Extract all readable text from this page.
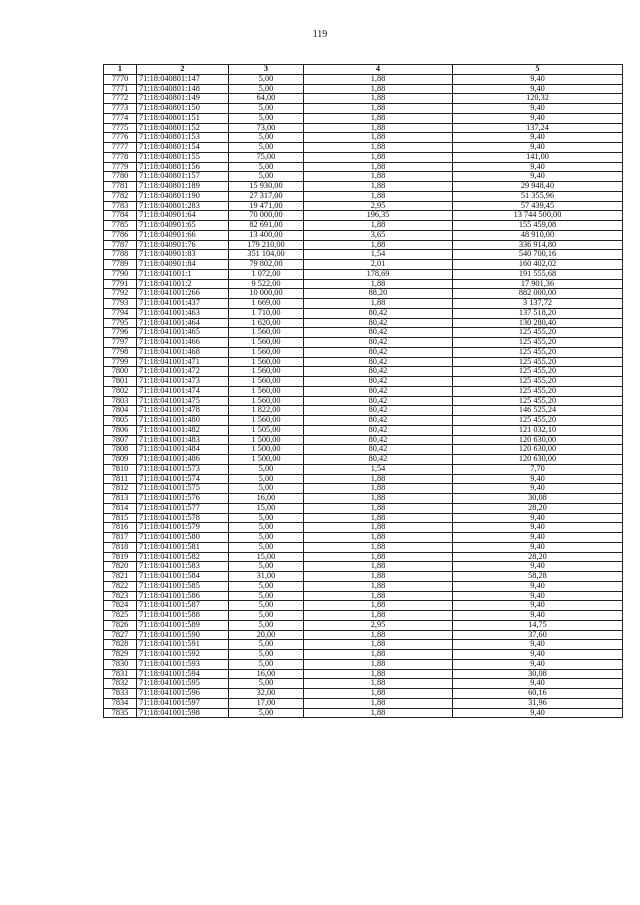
119
1	2	3	4	5
7770	71:18:040801:147	5,00	1,88	9,40
7771	71:18:040801:148	5,00	1,88	9,40
7772	71:18:040801:149	64,00	1,88	120,32
7773	71:18:040801:150	5,00	1,88	9,40
7774	71:18:040801:151	5,00	1,88	9,40
7775	71:18:040801:152	73,00	1,88	137,24
7776	71:18:040801:153	5,00	1,88	9,40
7777	71:18:040801:154	5,00	1,88	9,40
7778	71:18:040801:155	75,00	1,88	141,00
7779	71:18:040801:156	5,00	1,88	9,40
7780	71:18:040801:157	5,00	1,88	9,40
7781	71:18:040801:189	15 930,00	1,88	29 948,40
7782	71:18:040801:190	27 317,00	1,88	51 355,96
7783	71:18:040801:283	19 471,00	2,95	57 439,45
7784	71:18:040901:64	70 000,00	196,35	13 744 500,00
7785	71:18:040901:65	82 691,00	1,88	155 459,08
7786	71:18:040901:66	13 400,00	3,65	48 910,00
7787	71:18:040901:76	179 210,00	1,88	336 914,80
7788	71:18:040901:83	351 104,00	1,54	540 700,16
7789	71:18:040901:84	79 802,00	2,01	160 402,02
7790	71:18:041001:1	1 072,00	178,69	191 555,68
7791	71:18:041001:2	9 522,00	1,88	17 901,36
7792	71:18:041001:266	10 000,00	88,20	882 000,00
7793	71:18:041001:437	1 669,00	1,88	3 137,72
7794	71:18:041001:463	1 710,00	80,42	137 518,20
7795	71:18:041001:464	1 620,00	80,42	130 280,40
7796	71:18:041001:465	1 560,00	80,42	125 455,20
7797	71:18:041001:466	1 560,00	80,42	125 455,20
7798	71:18:041001:468	1 560,00	80,42	125 455,20
7799	71:18:041001:471	1 560,00	80,42	125 455,20
7800	71:18:041001:472	1 560,00	80,42	125 455,20
7801	71:18:041001:473	1 560,00	80,42	125 455,20
7802	71:18:041001:474	1 560,00	80,42	125 455,20
7803	71:18:041001:475	1 560,00	80,42	125 455,20
7804	71:18:041001:478	1 822,00	80,42	146 525,24
7805	71:18:041001:480	1 560,00	80,42	125 455,20
7806	71:18:041001:482	1 505,00	80,42	121 032,10
7807	71:18:041001:483	1 500,00	80,42	120 630,00
7808	71:18:041001:484	1 500,00	80,42	120 630,00
7809	71:18:041001:486	1 500,00	80,42	120 630,00
7810	71:18:041001:573	5,00	1,54	7,70
7811	71:18:041001:574	5,00	1,88	9,40
7812	71:18:041001:575	5,00	1,88	9,40
7813	71:18:041001:576	16,00	1,88	30,08
7814	71:18:041001:577	15,00	1,88	28,20
7815	71:18:041001:578	5,00	1,88	9,40
7816	71:18:041001:579	5,00	1,88	9,40
7817	71:18:041001:580	5,00	1,88	9,40
7818	71:18:041001:581	5,00	1,88	9,40
7819	71:18:041001:582	15,00	1,88	28,20
7820	71:18:041001:583	5,00	1,88	9,40
7821	71:18:041001:584	31,00	1,88	58,28
7822	71:18:041001:585	5,00	1,88	9,40
7823	71:18:041001:586	5,00	1,88	9,40
7824	71:18:041001:587	5,00	1,88	9,40
7825	71:18:041001:588	5,00	1,88	9,40
7826	71:18:041001:589	5,00	2,95	14,75
7827	71:18:041001:590	20,00	1,88	37,60
7828	71:18:041001:591	5,00	1,88	9,40
7829	71:18:041001:592	5,00	1,88	9,40
7830	71:18:041001:593	5,00	1,88	9,40
7831	71:18:041001:594	16,00	1,88	30,08
7832	71:18:041001:595	5,00	1,88	9,40
7833	71:18:041001:596	32,00	1,88	60,16
7834	71:18:041001:597	17,00	1,88	31,96
7835	71:18:041001:598	5,00	1,88	9,40
